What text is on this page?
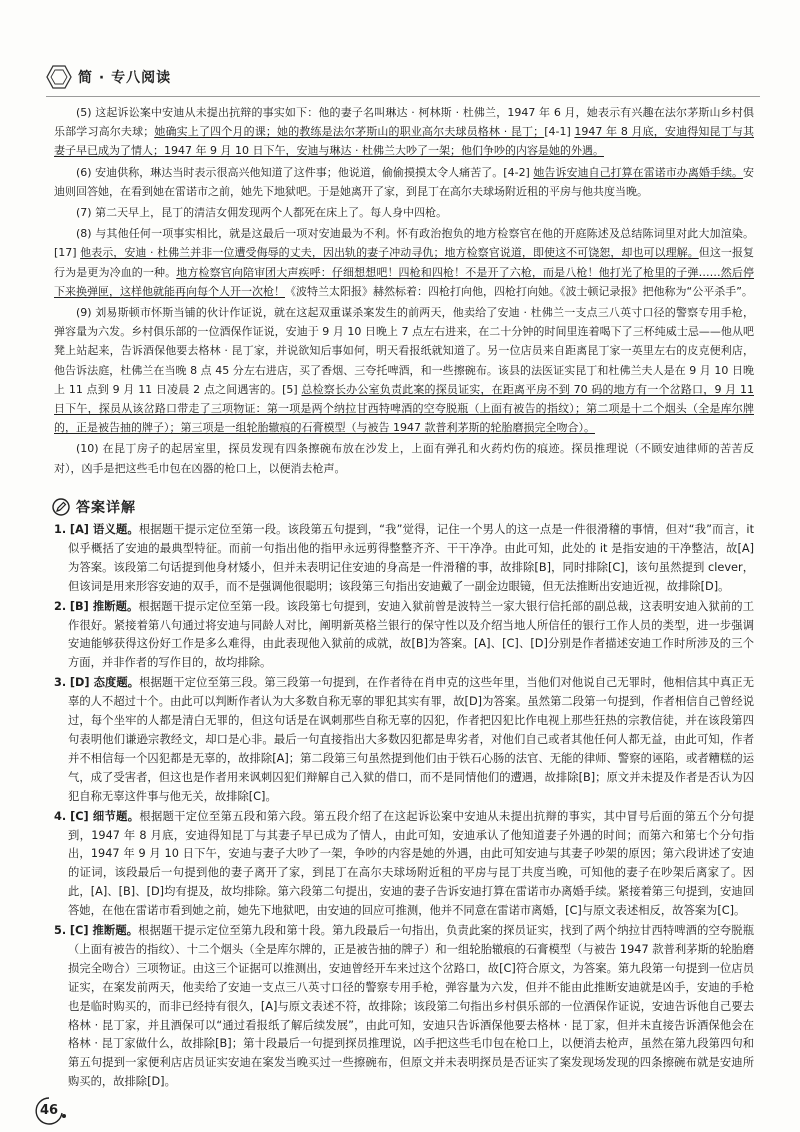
简 · 专八阅读

(5) 这起诉讼案中安迪从未提出抗辩的事实如下：他的妻子名叫琳达 · 柯林斯 · 杜佛兰，1947 年 6 月，她表示有兴趣在法尔茅斯山乡村俱乐部学习高尔夫球；她确实上了四个月的课；她的教练是法尔茅斯山的职业高尔夫球员格林 · 昆丁；[4-1] 1947 年 8 月底，安迪得知昆丁与其妻子早已成为了情人；1947 年 9 月 10 日下午，安迪与琳达 · 杜佛兰大吵了一架；他们争吵的内容是她的外遇。

(6) 安迪供称，琳达当时表示很高兴他知道了这件事；他说道，偷偷摸摸太令人痛苦了。[4-2] 她告诉安迪自己打算在雷诺市办离婚手续。安迪则回答她，在看到她在雷诺市之前，她先下地狱吧。于是她离开了家，到昆丁在高尔夫球场附近租的平房与他共度当晚。

(7) 第二天早上，昆丁的清洁女佣发现两个人都死在床上了。每人身中四枪。

(8) 与其他任何一项事实相比，就是这最后一项对安迪最为不利。怀有政治抱负的地方检察官在他的开庭陈述及总结陈词里对此大加渲染。[17] 他表示，安迪 · 杜佛兰并非一位遭受侮辱的丈夫，因出轨的妻子冲动寻仇；地方检察官说道，即使这不可饶恕，却也可以理解。但这一报复行为是更为冷血的一种。地方检察官向陪审团大声疾呼：仔细想想吧！四枪和四枪！不是开了六枪，而是八枪！他打光了枪里的子弹……然后停下来换弹匣，这样他就能再向每个人开一次枪！《波特兰太阳报》赫然标着：四枪打向他，四枪打向她。《波士顿记录报》把他称为“公平杀手”。

(9) 刘易斯顿市怀斯当铺的伙计作证说，就在这起双重谋杀案发生的前两天，他卖给了安迪 · 杜佛兰一支点三八英寸口径的警察专用手枪，弹容量为六发。乡村俱乐部的一位酒保作证说，安迪于 9 月 10 日晚上 7 点左右进来，在二十分钟的时间里连着喝下了三杯纯威士忌——他从吧凳上站起来，告诉酒保他要去格林 · 昆丁家，并说欲知后事如何，明天看报纸就知道了。另一位店员来自距离昆丁家一英里左右的皮克便利店，他告诉法庭，杜佛兰在当晚 8 点 45 分左右进店，买了香烟、三夸托啤酒，和一些擦碗布。该县的法医证实昆丁和杜佛兰夫人是在 9 月 10 日晚上 11 点到 9 月 11 日凌晨 2 点之间遇害的。[5] 总检察长办公室负责此案的探员证实，在距离平房不到 70 码的地方有一个岔路口，9 月 11 日下午，探员从该岔路口带走了三项物证：第一项是两个纳拉甘西特啤酒的空夸脱瓶（上面有被告的指纹）；第二项是十二个烟头（全是库尔牌的，正是被告抽的牌子）；第三项是一组轮胎辙痕的石膏模型（与被告 1947 款普利茅斯的轮胎磨损完全吻合）。

(10) 在昆丁房子的起居室里，探员发现有四条擦碗布放在沙发上，上面有弹孔和火药灼伤的痕迹。探员推理说（不顾安迪律师的苦苦反对），凶手是把这些毛巾包在凶器的枪口上，以便消去枪声。

答案详解

1. [A] 语义题。根据题干提示定位至第一段。该段第五句提到，“我”觉得，记住一个男人的这一点是一件很滑稽的事情，但对“我”而言，it 似乎概括了安迪的最典型特征。而前一句指出他的指甲永远剪得整整齐齐、干干净净。由此可知，此处的 it 是指安迪的干净整洁，故[A]为答案。该段第二句话提到他身材矮小，但并未表明记住安迪的身高是一件滑稽的事，故排除[B]，同时排除[C]，该句虽然提到 clever，但该词是用来形容安迪的双手，而不是强调他很聪明；该段第三句指出安迪戴了一副金边眼镜，但无法推断出安迪近视，故排除[D]。

2. [B] 推断题。根据题干提示定位至第一段。该段第七句提到，安迪入狱前曾是波特兰一家大银行信托部的副总裁，这表明安迪入狱前的工作很好。紧接着第八句通过将安迪与同龄人对比，阐明新英格兰银行的保守性以及介绍当地人所信任的银行工作人员的类型，进一步强调安迪能够获得这份好工作是多么难得，由此表现他入狱前的成就，故[B]为答案。[A]、[C]、[D]分别是作者描述安迪工作时所涉及的三个方面，并非作者的写作目的，故均排除。

3. [D] 态度题。根据题干定位至第三段。第三段第一句提到，在作者待在肖申克的这些年里，当他们对他说自己无罪时，他相信其中真正无辜的人不超过十个。由此可以判断作者认为大多数自称无辜的罪犯其实有罪，故[D]为答案。虽然第二段第一句提到，作者相信自己曾经说过，每个坐牢的人都是清白无罪的，但这句话是在讽刺那些自称无辜的囚犯，作者把囚犯比作电视上那些狂热的宗教信徒，并在该段第四句表明他们谦逊宗教经文，却口是心非。最后一句直接指出大多数囚犯都是卑劣者，对他们自己或者其他任何人都无益，由此可知，作者并不相信每一个囚犯都是无辜的，故排除[A]；第二段第三句虽然提到他们由于铁石心肠的法官、无能的律师、警察的诬陷，或者糟糕的运气，成了受害者，但这也是作者用来讽刺囚犯们辩解自己入狱的借口，而不是同情他们的遭遇，故排除[B]；原文并未提及作者是否认为囚犯自称无辜这件事与他无关，故排除[C]。

4. [C] 细节题。根据题干定位至第五段和第六段。第五段介绍了在这起诉讼案中安迪从未提出抗辩的事实，其中冒号后面的第五个分句提到，1947 年 8 月底，安迪得知昆丁与其妻子早已成为了情人，由此可知，安迪承认了他知道妻子外遇的时间；而第六和第七个分句指出，1947 年 9 月 10 日下午，安迪与妻子大吵了一架，争吵的内容是她的外遇，由此可知安迪与其妻子吵架的原因；第六段讲述了安迪的证词，该段最后一句提到他的妻子离开了家，到昆丁在高尔夫球场附近租的平房与昆丁共度当晚，可知他的妻子在吵架后离家了。因此，[A]、[B]、[D]均有提及，故均排除。第六段第二句提出，安迪的妻子告诉安迪打算在雷诺市办离婚手续。紧接着第三句提到，安迪回答她，在他在雷诺市看到她之前，她先下地狱吧，由安迪的回应可推测，他并不同意在雷诺市离婚，[C]与原文表述相反，故答案为[C]。

5. [C] 推断题。根据题干提示定位至第九段和第十段。第九段最后一句指出，负责此案的探员证实，找到了两个纳拉甘西特啤酒的空夸脱瓶（上面有被告的指纹）、十二个烟头（全是库尔牌的，正是被告抽的牌子）和一组轮胎辙痕的石膏模型（与被告 1947 款普利茅斯的轮胎磨损完全吻合）三项物证。由这三个证据可以推测出，安迪曾经开车来过这个岔路口，故[C]符合原文，为答案。第九段第一句提到一位店员证实，在案发前两天，他卖给了安迪一支点三八英寸口径的警察专用手枪，弹容量为六发，但并不能由此推断安迪就是凶手，安迪的手枪也是临时购买的，而非已经持有很久，[A]与原文表述不符，故排除；该段第二句指出乡村俱乐部的一位酒保作证说，安迪告诉他自己要去格林 · 昆丁家，并且酒保可以“通过看报纸了解后续发展”，由此可知，安迪只告诉酒保他要去格林 · 昆丁家，但并未直接告诉酒保他会在格林 · 昆丁家做什么，故排除[B]；第十段最后一句提到探员推理说，凶手把这些毛巾包在枪口上，以便消去枪声，虽然在第九段第四句和第五句提到一家便利店店员证实安迪在案发当晚买过一些擦碗布，但原文并未表明探员是否证实了案发现场发现的四条擦碗布就是安迪所购买的，故排除[D]。

46
